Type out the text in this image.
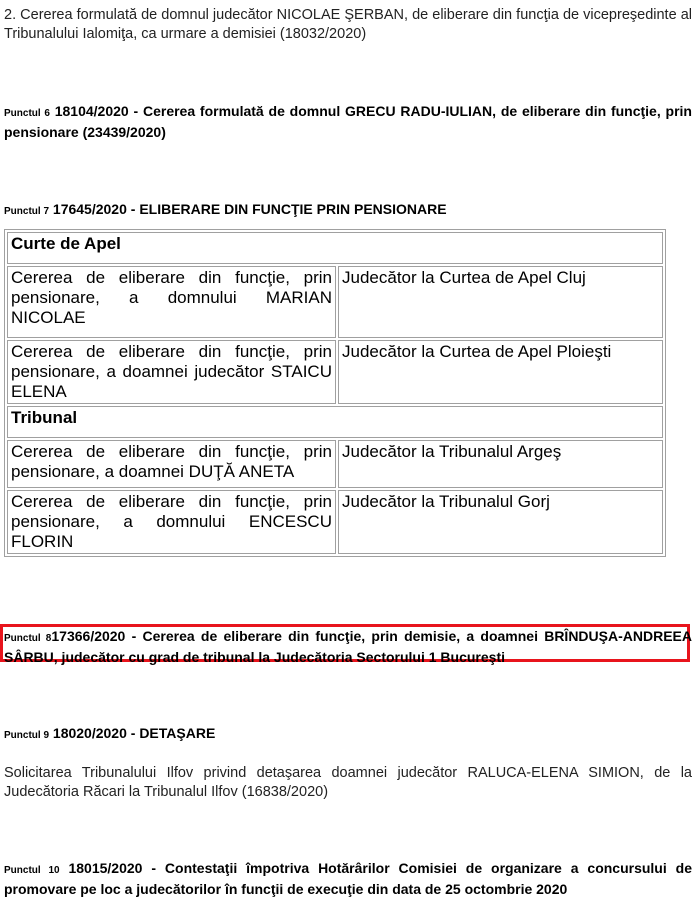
2. Cererea formulată de domnul judecător NICOLAE ŞERBAN, de eliberare din funcţia de vicepreşedinte al Tribunalului Ialomiţa, ca urmare a demisiei (18032/2020)
Punctul 6 18104/2020 - Cererea formulată de domnul GRECU RADU-IULIAN, de eliberare din funcţie, prin pensionare (23439/2020)
Punctul 7 17645/2020 - ELIBERARE DIN FUNCŢIE PRIN PENSIONARE
Curte de Apel	
Cererea de eliberare din funcţie, prin pensionare, a domnului MARIAN NICOLAE	Judecător la Curtea de Apel Cluj
Cererea de eliberare din funcţie, prin pensionare, a doamnei judecător STAICU ELENA	Judecător la Curtea de Apel Ploieşti
Tribunal	
Cererea de eliberare din funcţie, prin pensionare, a doamnei DUŢĂ ANETA	Judecător la Tribunalul Argeş
Cererea de eliberare din funcţie, prin pensionare, a domnului ENCESCU FLORIN	Judecător la Tribunalul Gorj
Punctul 817366/2020 - Cererea de eliberare din funcţie, prin demisie, a doamnei BRÎNDUŞA-ANDREEA SÂRBU, judecător cu grad de tribunal la Judecătoria Sectorului 1 Bucureşti
Punctul 9 18020/2020 - DETAŞARE
Solicitarea Tribunalului Ilfov privind detaşarea doamnei judecător RALUCA-ELENA SIMION, de la Judecătoria Răcari la Tribunalul Ilfov (16838/2020)
Punctul 10 18015/2020 - Contestaţii împotriva Hotărârilor Comisiei de organizare a concursului de promovare pe loc a judecătorilor în funcţii de execuţie din data de 25 octombrie 2020
